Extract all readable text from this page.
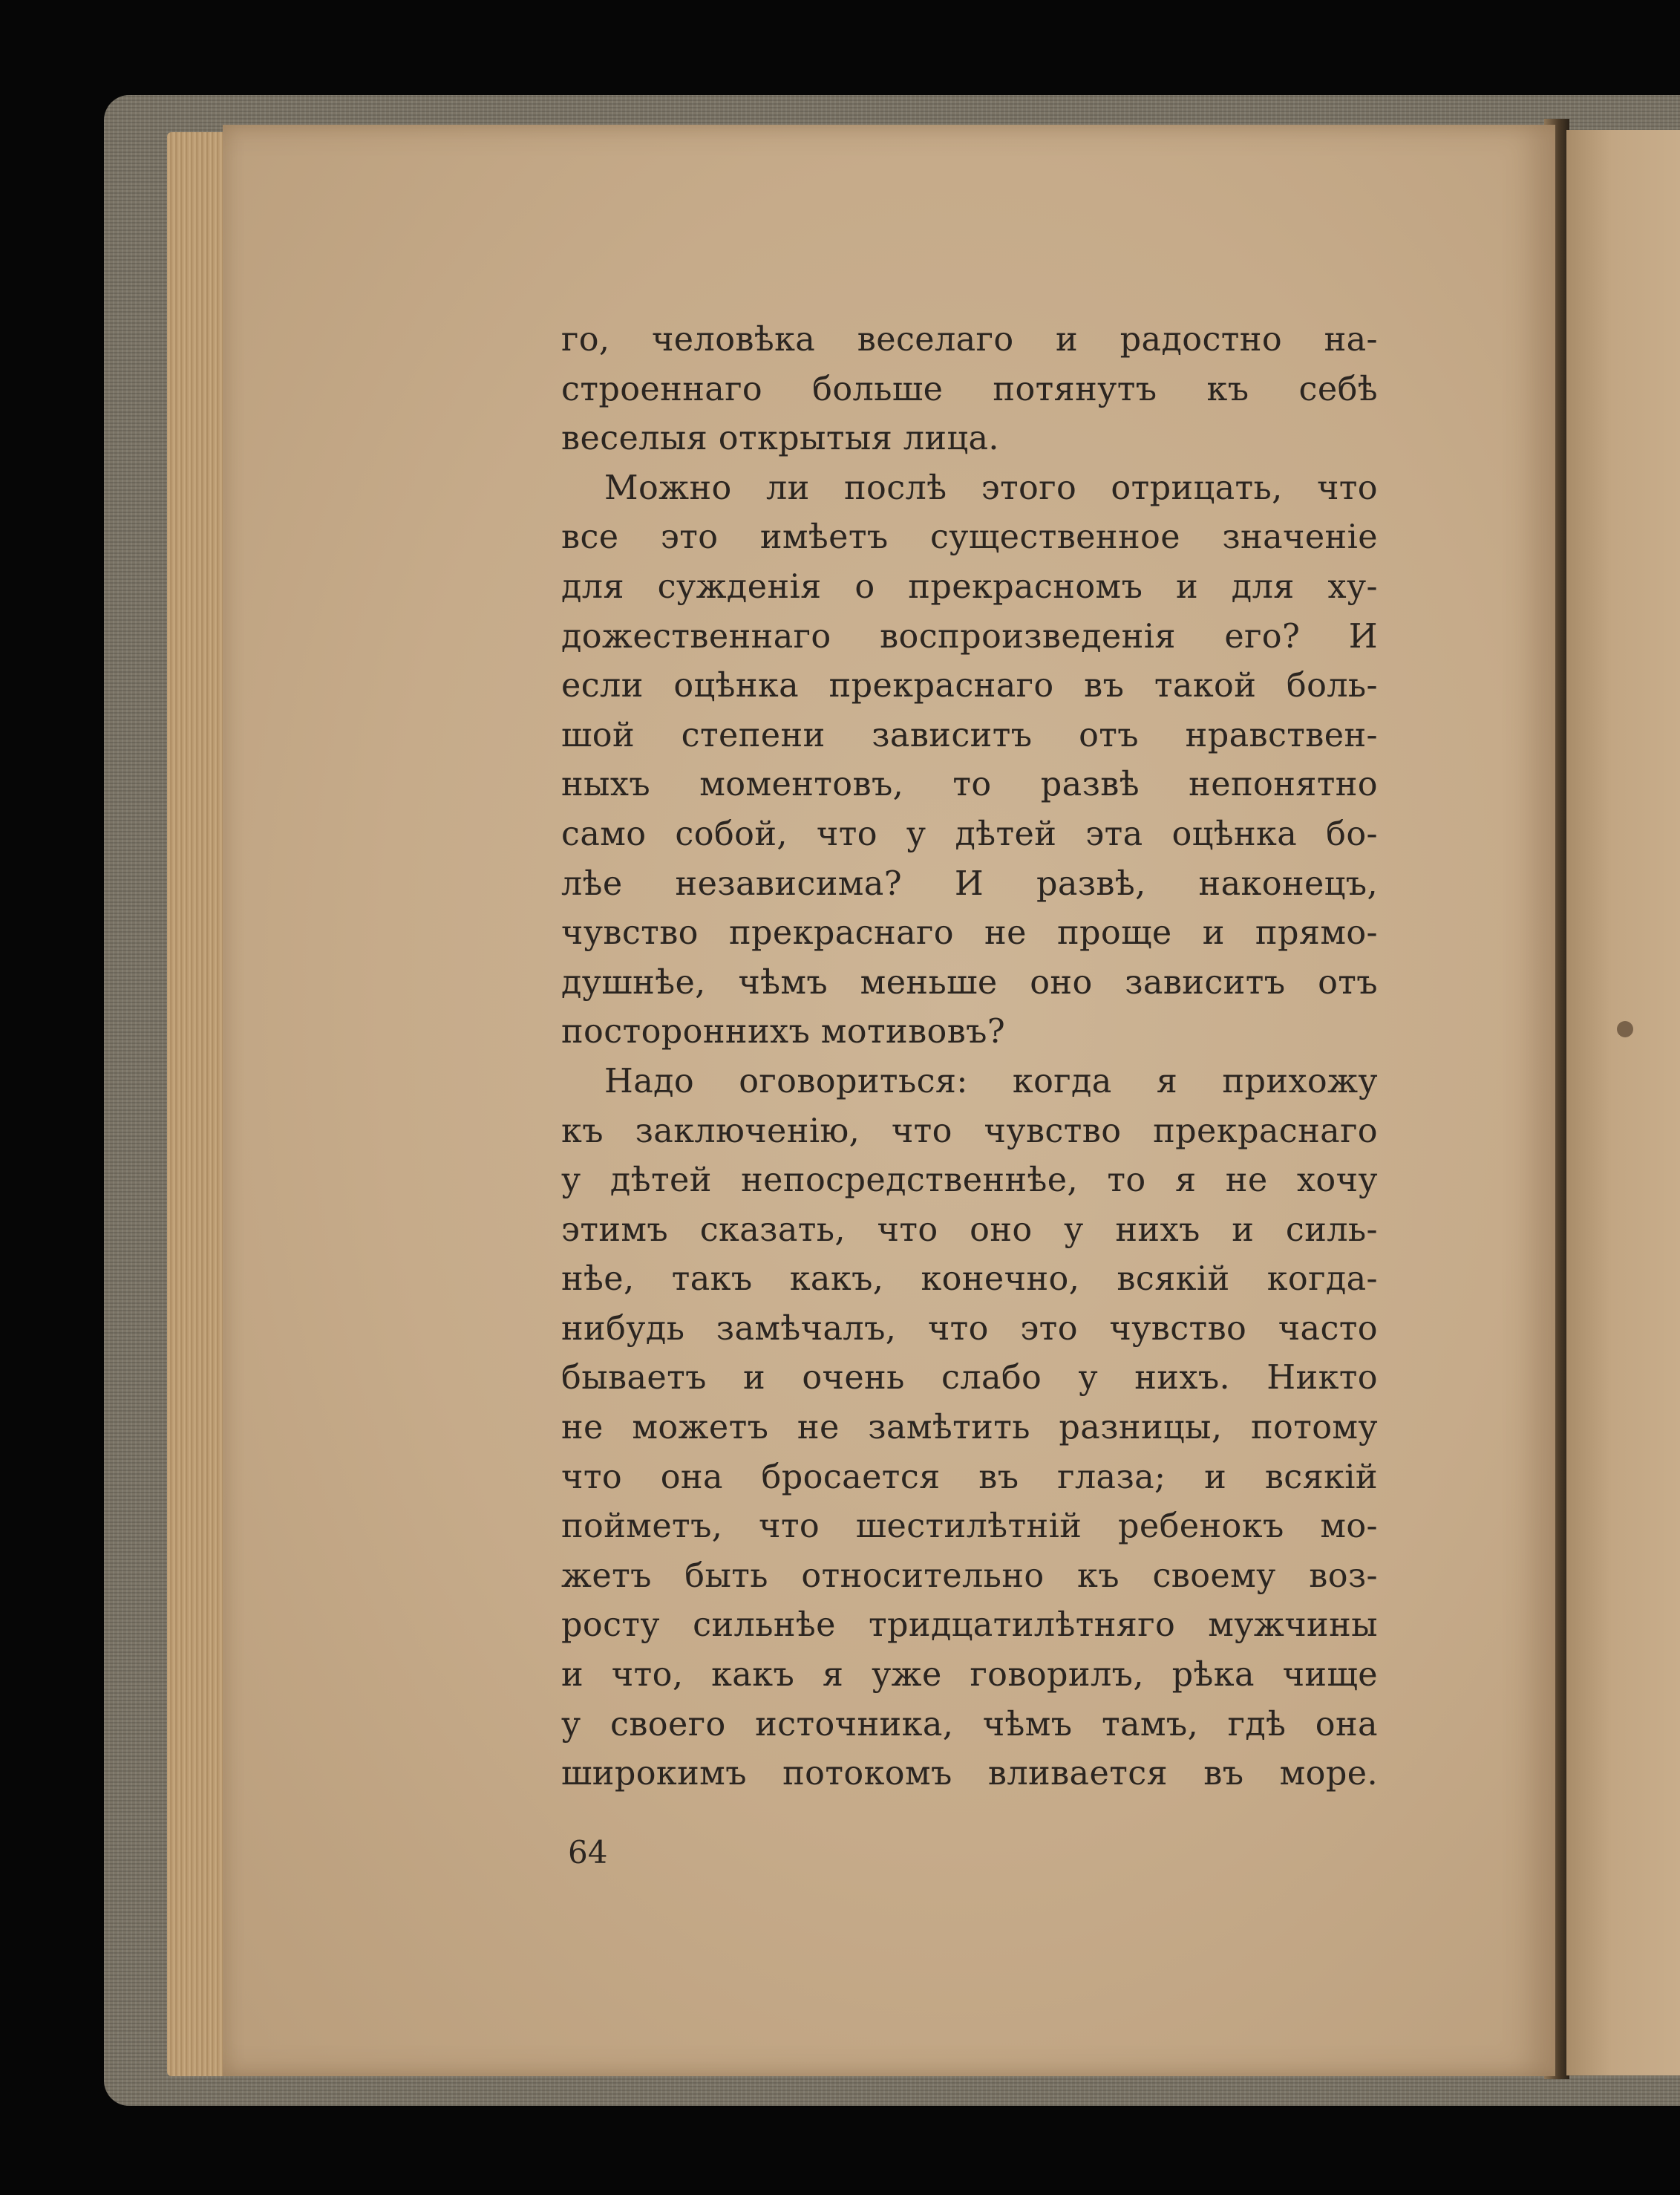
го, человѣка веселаго и радостно на-
строеннаго больше потянутъ къ себѣ
веселыя открытыя лица.
Можно ли послѣ этого отрицать, что
все это имѣетъ существенное значеніе
для сужденія о прекрасномъ и для ху-
дожественнаго воспроизведенія его? И
если оцѣнка прекраснаго въ такой боль-
шой степени зависитъ отъ нравствен-
ныхъ моментовъ, то развѣ непонятно
само собой, что у дѣтей эта оцѣнка бо-
лѣе независима? И развѣ, наконецъ,
чувство прекраснаго не проще и прямо-
душнѣе, чѣмъ меньше оно зависитъ отъ
постороннихъ мотивовъ?
Надо оговориться: когда я прихожу
къ заключенію, что чувство прекраснаго
у дѣтей непосредственнѣе, то я не хочу
этимъ сказать, что оно у нихъ и силь-
нѣе, такъ какъ, конечно, всякій когда-
нибудь замѣчалъ, что это чувство часто
бываетъ и очень слабо у нихъ. Никто
не можетъ не замѣтить разницы, потому
что она бросается въ глаза; и всякій
пойметъ, что шестилѣтній ребенокъ мо-
жетъ быть относительно къ своему воз-
росту сильнѣе тридцатилѣтняго мужчины
и что, какъ я уже говорилъ, рѣка чище
у своего источника, чѣмъ тамъ, гдѣ она
широкимъ потокомъ вливается въ море.
64
